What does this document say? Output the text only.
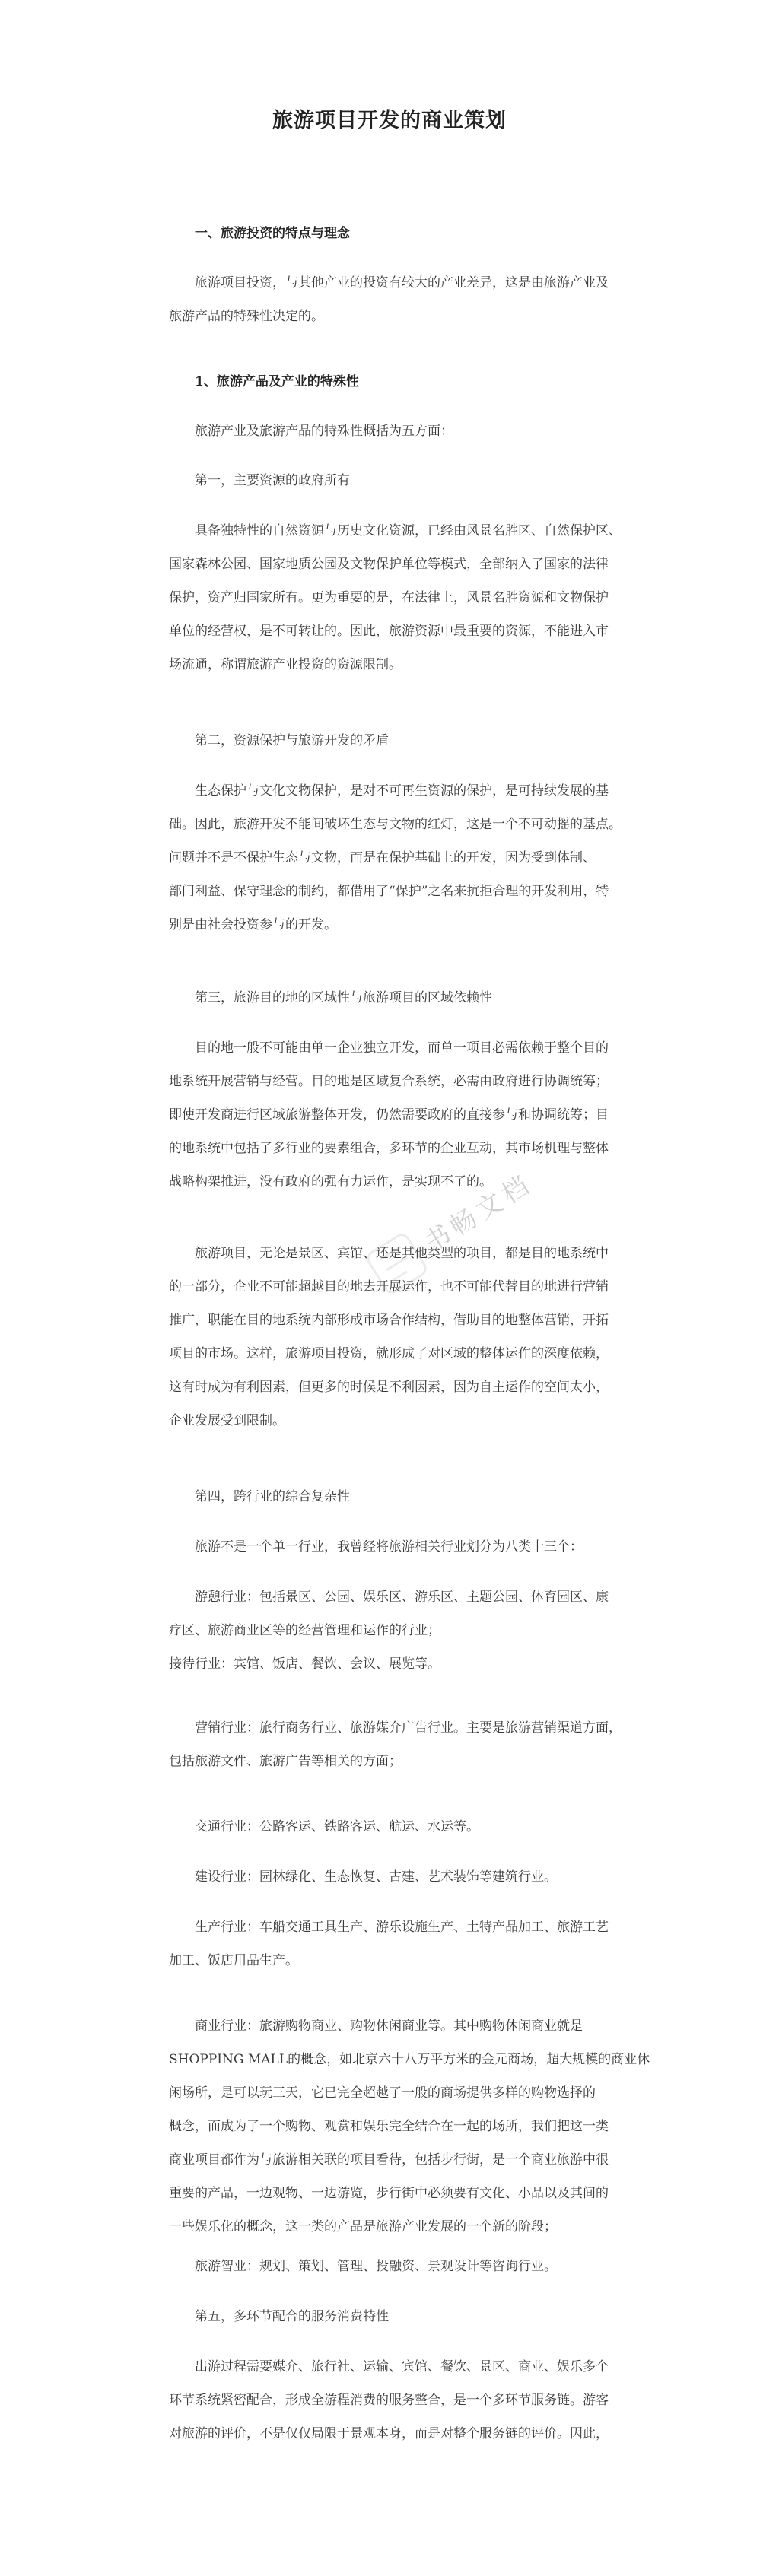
旅游项目开发的商业策划
一、旅游投资的特点与理念
旅游项目投资，与其他产业的投资有较大的产业差异，这是由旅游产业及
旅游产品的特殊性决定的。
1、旅游产品及产业的特殊性
旅游产业及旅游产品的特殊性概括为五方面：
第一，主要资源的政府所有
具备独特性的自然资源与历史文化资源，已经由风景名胜区、自然保护区、
国家森林公园、国家地质公园及文物保护单位等模式，全部纳入了国家的法律
保护，资产归国家所有。更为重要的是，在法律上，风景名胜资源和文物保护
单位的经营权，是不可转让的。因此，旅游资源中最重要的资源，不能进入市
场流通，称谓旅游产业投资的资源限制。
第二，资源保护与旅游开发的矛盾
生态保护与文化文物保护，是对不可再生资源的保护，是可持续发展的基
础。因此，旅游开发不能间破坏生态与文物的红灯，这是一个不可动摇的基点。
问题并不是不保护生态与文物，而是在保护基础上的开发，因为受到体制、
部门利益、保守理念的制约，都借用了“保护”之名来抗拒合理的开发利用，特
别是由社会投资参与的开发。
第三，旅游目的地的区域性与旅游项目的区域依赖性
目的地一般不可能由单一企业独立开发，而单一项目必需依赖于整个目的
地系统开展营销与经营。目的地是区域复合系统，必需由政府进行协调统筹；
即使开发商进行区域旅游整体开发，仍然需要政府的直接参与和协调统筹；目
的地系统中包括了多行业的要素组合，多环节的企业互动，其市场机理与整体
战略构架推进，没有政府的强有力运作，是实现不了的。
旅游项目，无论是景区、宾馆、还是其他类型的项目，都是目的地系统中
的一部分，企业不可能超越目的地去开展运作，也不可能代替目的地进行营销
推广，职能在目的地系统内部形成市场合作结构，借助目的地整体营销，开拓
项目的市场。这样，旅游项目投资，就形成了对区域的整体运作的深度依赖，
这有时成为有利因素，但更多的时候是不利因素，因为自主运作的空间太小，
企业发展受到限制。
第四，跨行业的综合复杂性
旅游不是一个单一行业，我曾经将旅游相关行业划分为八类十三个：
游憩行业：包括景区、公园、娱乐区、游乐区、主题公园、体育园区、康
疗区、旅游商业区等的经营管理和运作的行业；
接待行业：宾馆、饭店、餐饮、会议、展览等。
营销行业：旅行商务行业、旅游媒介广告行业。主要是旅游营销渠道方面，
包括旅游文件、旅游广告等相关的方面；
交通行业：公路客运、铁路客运、航运、水运等。
建设行业：园林绿化、生态恢复、古建、艺术装饰等建筑行业。
生产行业：车船交通工具生产、游乐设施生产、土特产品加工、旅游工艺
加工、饭店用品生产。
商业行业：旅游购物商业、购物休闲商业等。其中购物休闲商业就是
SHOPPING MALL的概念，如北京六十八万平方米的金元商场，超大规模的商业休
闲场所，是可以玩三天，它已完全超越了一般的商场提供多样的购物选择的
概念，而成为了一个购物、观赏和娱乐完全结合在一起的场所，我们把这一类
商业项目都作为与旅游相关联的项目看待，包括步行街，是一个商业旅游中很
重要的产品，一边观物、一边游览，步行街中必须要有文化、小品以及其间的
一些娱乐化的概念，这一类的产品是旅游产业发展的一个新的阶段；
旅游智业：规划、策划、管理、投融资、景观设计等咨询行业。
第五，多环节配合的服务消费特性
出游过程需要媒介、旅行社、运输、宾馆、餐饮、景区、商业、娱乐多个
环节系统紧密配合，形成全游程消费的服务整合，是一个多环节服务链。游客
对旅游的评价，不是仅仅局限于景观本身，而是对整个服务链的评价。因此，
书畅文档
